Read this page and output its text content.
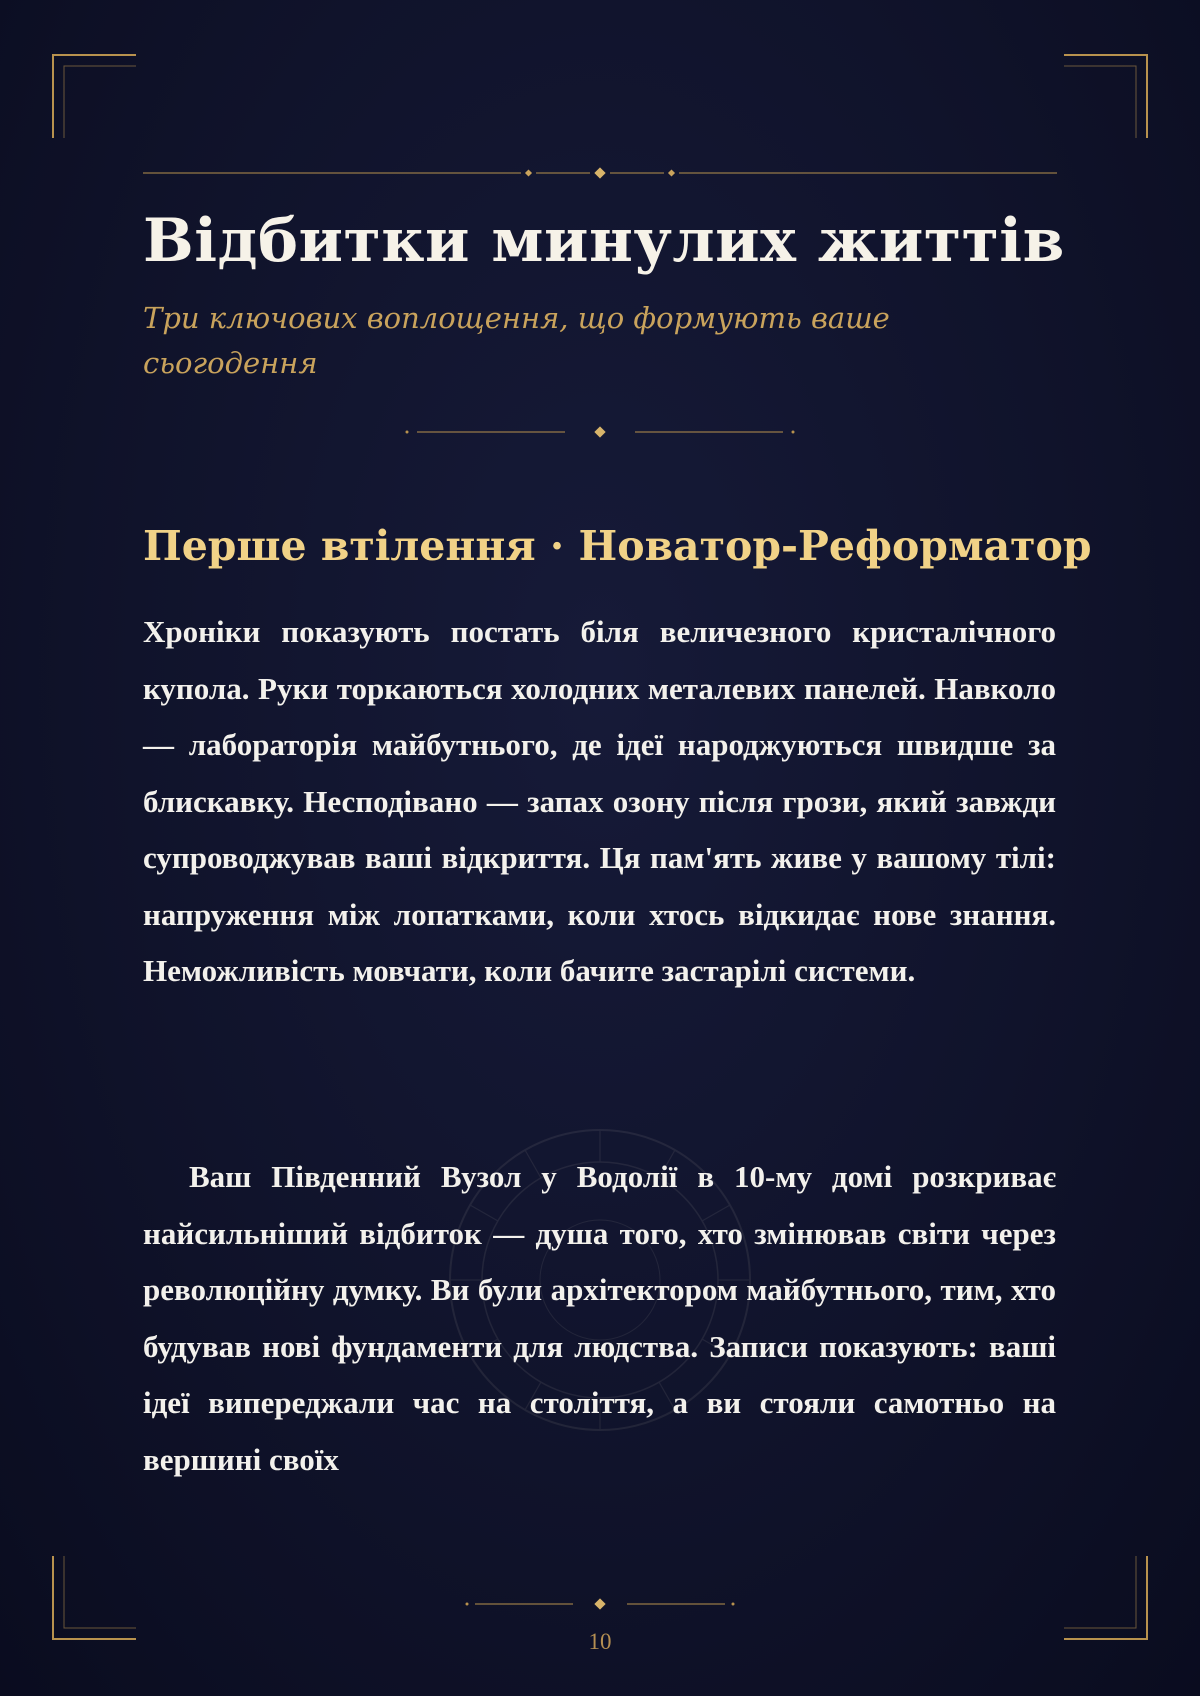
Відбитки минулих життів

Три ключових воплощення, що формують ваше сьогодення

Перше втілення · Новатор-Реформатор

Хроніки показують постать біля величезного кристалічного купола. Руки торкаються холодних металевих панелей. Навколо — лабораторія майбутнього, де ідеї народжуються швидше за блискавку. Несподівано — запах озону після грози, який завжди супроводжував ваші відкриття. Ця пам'ять живе у вашому тілі: напруження між лопатками, коли хтось відкидає нове знання. Неможливість мовчати, коли бачите застарілі системи.

Ваш Південний Вузол у Водолії в 10-му домі розкриває найсильніший відбиток — душа того, хто змінював світи через революційну думку. Ви були архітектором майбутнього, тим, хто будував нові фундаменти для людства. Записи показують: ваші ідеї випереджали час на століття, а ви стояли самотньо на вершині своїх

10
